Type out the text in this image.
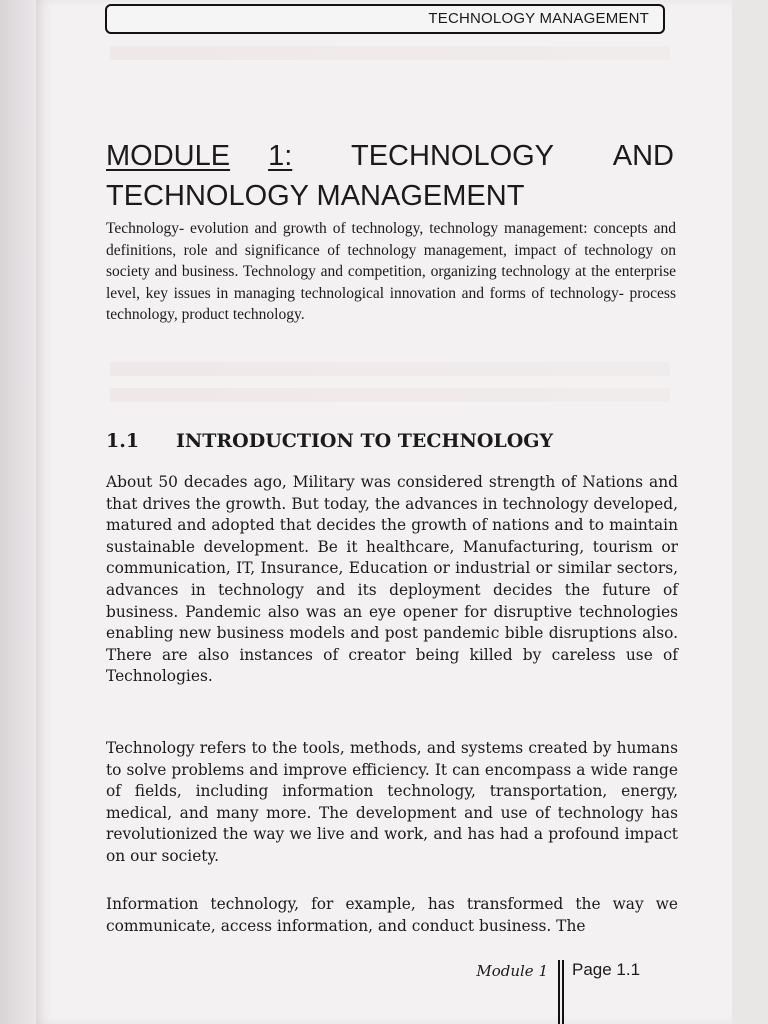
TECHNOLOGY MANAGEMENT
MODULE 1: TECHNOLOGY AND
TECHNOLOGY MANAGEMENT
Technology- evolution and growth of technology, technology management: concepts and definitions, role and significance of technology management, impact of technology on society and business. Technology and competition, organizing technology at the enterprise level, key issues in managing technological innovation and forms of technology- process technology, product technology.
1.1 INTRODUCTION TO TECHNOLOGY
About 50 decades ago, Military was considered strength of Nations and that drives the growth. But today, the advances in technology developed, matured and adopted that decides the growth of nations and to maintain sustainable development. Be it healthcare, Manufacturing, tourism or communication, IT, Insurance, Education or industrial or similar sectors, advances in technology and its deployment decides the future of business. Pandemic also was an eye opener for disruptive technologies enabling new business models and post pandemic bible disruptions also. There are also instances of creator being killed by careless use of Technologies.
Technology refers to the tools, methods, and systems created by humans to solve problems and improve efficiency. It can encompass a wide range of fields, including information technology, transportation, energy, medical, and many more. The development and use of technology has revolutionized the way we live and work, and has had a profound impact on our society.
Information technology, for example, has transformed the way we communicate, access information, and conduct business. The
Module 1 Page 1.1
